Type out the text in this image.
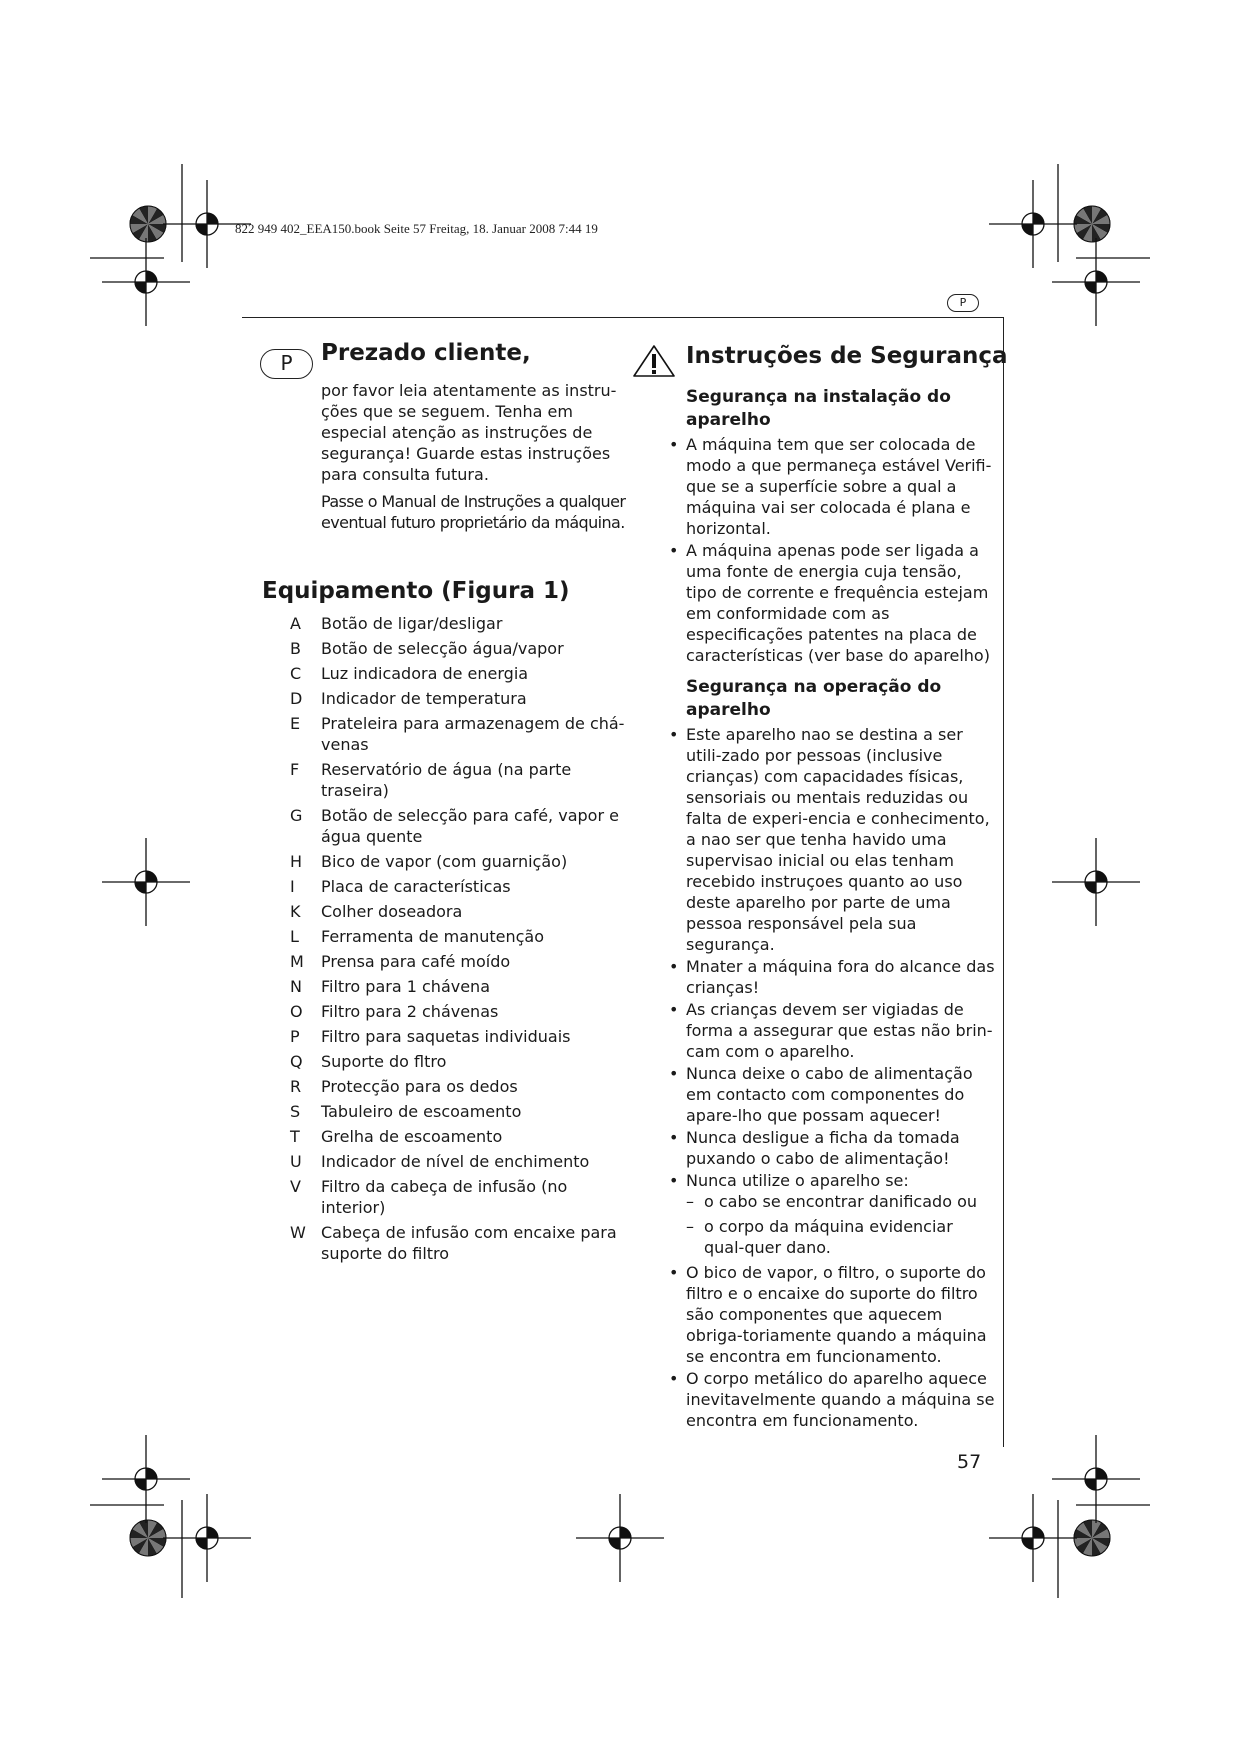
822 949 402_EEA150.book Seite 57 Freitag, 18. Januar 2008 7:44 19
P
P	Prezado cliente,

por favor leia atentamente as instru-ções que se seguem. Tenha em especial atenção as instruções de segurança! Guarde estas instruções para consulta futura.

Passe o Manual de Instruções a qualquer eventual futuro proprietário da máquina.

Equipamento (Figura 1)
A Botão de ligar/desligar
B Botão de selecção água/vapor
C Luz indicadora de energia
D Indicador de temperatura
E Prateleira para armazenagem de chá-venas
F Reservatório de água (na parte traseira)
G Botão de selecção para café, vapor e água quente
H Bico de vapor (com guarnição)
I Placa de características
K Colher doseadora
L Ferramenta de manutenção
M Prensa para café moído
N Filtro para 1 chávena
O Filtro para 2 chávenas
P Filtro para saquetas individuais
Q Suporte do fltro
R Protecção para os dedos
S Tabuleiro de escoamento
T Grelha de escoamento
U Indicador de nível de enchimento
V Filtro da cabeça de infusão (no interior)
W Cabeça de infusão com encaixe para suporte do filtro
Instruções de Segurança
Segurança na instalação do aparelho
• A máquina tem que ser colocada de modo a que permaneça estável Verifi-que se a superfície sobre a qual a máquina vai ser colocada é plana e horizontal.
• A máquina apenas pode ser ligada a uma fonte de energia cuja tensão, tipo de corrente e frequência estejam em conformidade com as especificações patentes na placa de características (ver base do aparelho)
Segurança na operação do aparelho
• Este aparelho nao se destina a ser utili-zado por pessoas (inclusive crianças) com capacidades físicas, sensoriais ou mentais reduzidas ou falta de experi-encia e conhecimento, a nao ser que tenha havido uma supervisao inicial ou elas tenham recebido instruçoes quanto ao uso deste aparelho por parte de uma pessoa responsável pela sua segurança.
• Mnater a máquina fora do alcance das crianças!
• As crianças devem ser vigiadas de forma a assegurar que estas não brin-cam com o aparelho.
• Nunca deixe o cabo de alimentação em contacto com componentes do apare-lho que possam aquecer!
• Nunca desligue a ficha da tomada puxando o cabo de alimentação!
• Nunca utilize o aparelho se:
– o cabo se encontrar danificado ou
– o corpo da máquina evidenciar qual-quer dano.
• O bico de vapor, o filtro, o suporte do filtro e o encaixe do suporte do filtro são componentes que aquecem obriga-toriamente quando a máquina se encontra em funcionamento.
• O corpo metálico do aparelho aquece inevitavelmente quando a máquina se encontra em funcionamento.
57
